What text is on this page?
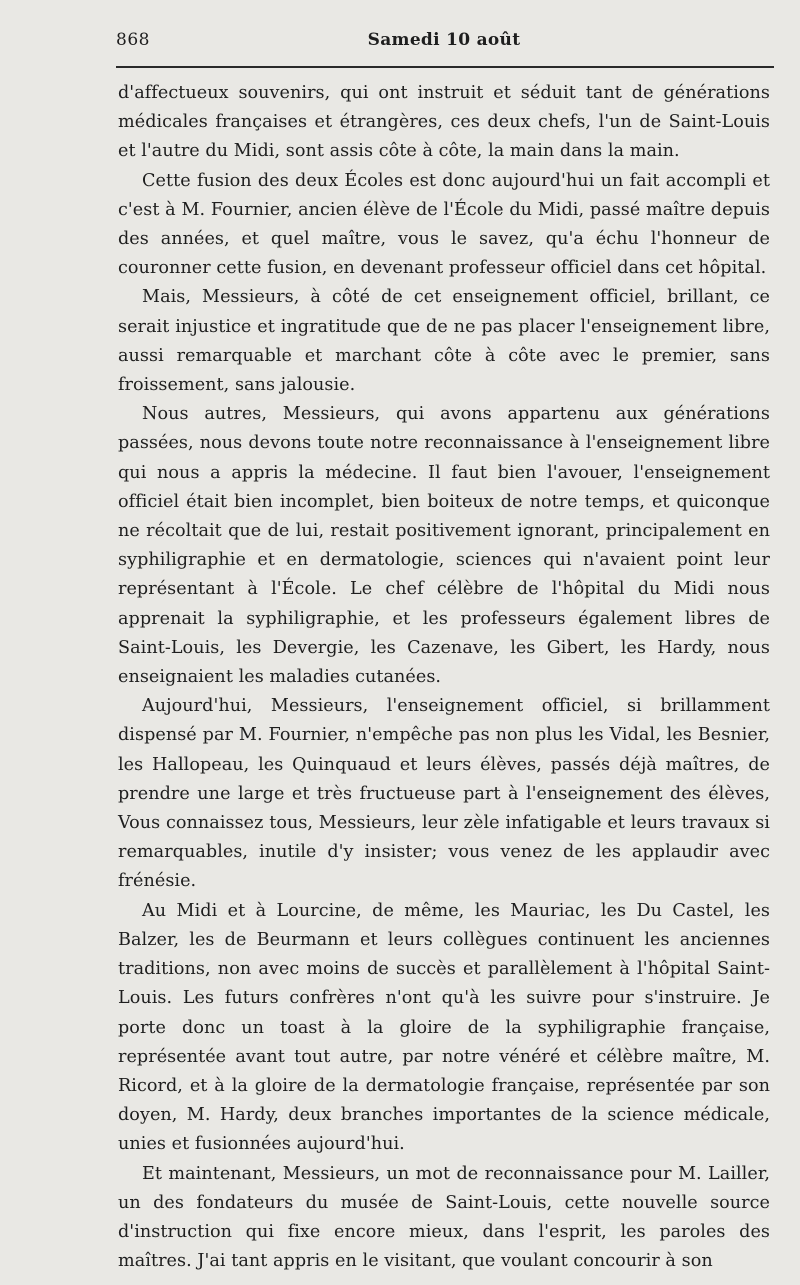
868	Samedi 10 août

d'affectueux souvenirs, qui ont instruit et séduit tant de générations médicales françaises et étrangères, ces deux chefs, l'un de Saint-Louis et l'autre du Midi, sont assis côte à côte, la main dans la main.

Cette fusion des deux Écoles est donc aujourd'hui un fait accompli et c'est à M. Fournier, ancien élève de l'École du Midi, passé maître depuis des années, et quel maître, vous le savez, qu'a échu l'honneur de couronner cette fusion, en devenant professeur officiel dans cet hôpital.

Mais, Messieurs, à côté de cet enseignement officiel, brillant, ce serait injustice et ingratitude que de ne pas placer l'enseignement libre, aussi remarquable et marchant côte à côte avec le premier, sans froissement, sans jalousie.

Nous autres, Messieurs, qui avons appartenu aux générations passées, nous devons toute notre reconnaissance à l'enseignement libre qui nous a appris la médecine. Il faut bien l'avouer, l'enseignement officiel était bien incomplet, bien boiteux de notre temps, et quiconque ne récoltait que de lui, restait positivement ignorant, principalement en syphiligraphie et en dermatologie, sciences qui n'avaient point leur représentant à l'École. Le chef célèbre de l'hôpital du Midi nous apprenait la syphiligraphie, et les professeurs également libres de Saint-Louis, les Devergie, les Cazenave, les Gibert, les Hardy, nous enseignaient les maladies cutanées.

Aujourd'hui, Messieurs, l'enseignement officiel, si brillamment dispensé par M. Fournier, n'empêche pas non plus les Vidal, les Besnier, les Hallopeau, les Quinquaud et leurs élèves, passés déjà maîtres, de prendre une large et très fructueuse part à l'enseignement des élèves, Vous connaissez tous, Messieurs, leur zèle infatigable et leurs travaux si remarquables, inutile d'y insister; vous venez de les applaudir avec frénésie.

Au Midi et à Lourcine, de même, les Mauriac, les Du Castel, les Balzer, les de Beurmann et leurs collègues continuent les anciennes traditions, non avec moins de succès et parallèlement à l'hôpital Saint-Louis. Les futurs confrères n'ont qu'à les suivre pour s'instruire. Je porte donc un toast à la gloire de la syphiligraphie française, représentée avant tout autre, par notre vénéré et célèbre maître, M. Ricord, et à la gloire de la dermatologie française, représentée par son doyen, M. Hardy, deux branches importantes de la science médicale, unies et fusionnées aujourd'hui.

Et maintenant, Messieurs, un mot de reconnaissance pour M. Lailler, un des fondateurs du musée de Saint-Louis, cette nouvelle source d'instruction qui fixe encore mieux, dans l'esprit, les paroles des maîtres. J'ai tant appris en le visitant, que voulant concourir à son
